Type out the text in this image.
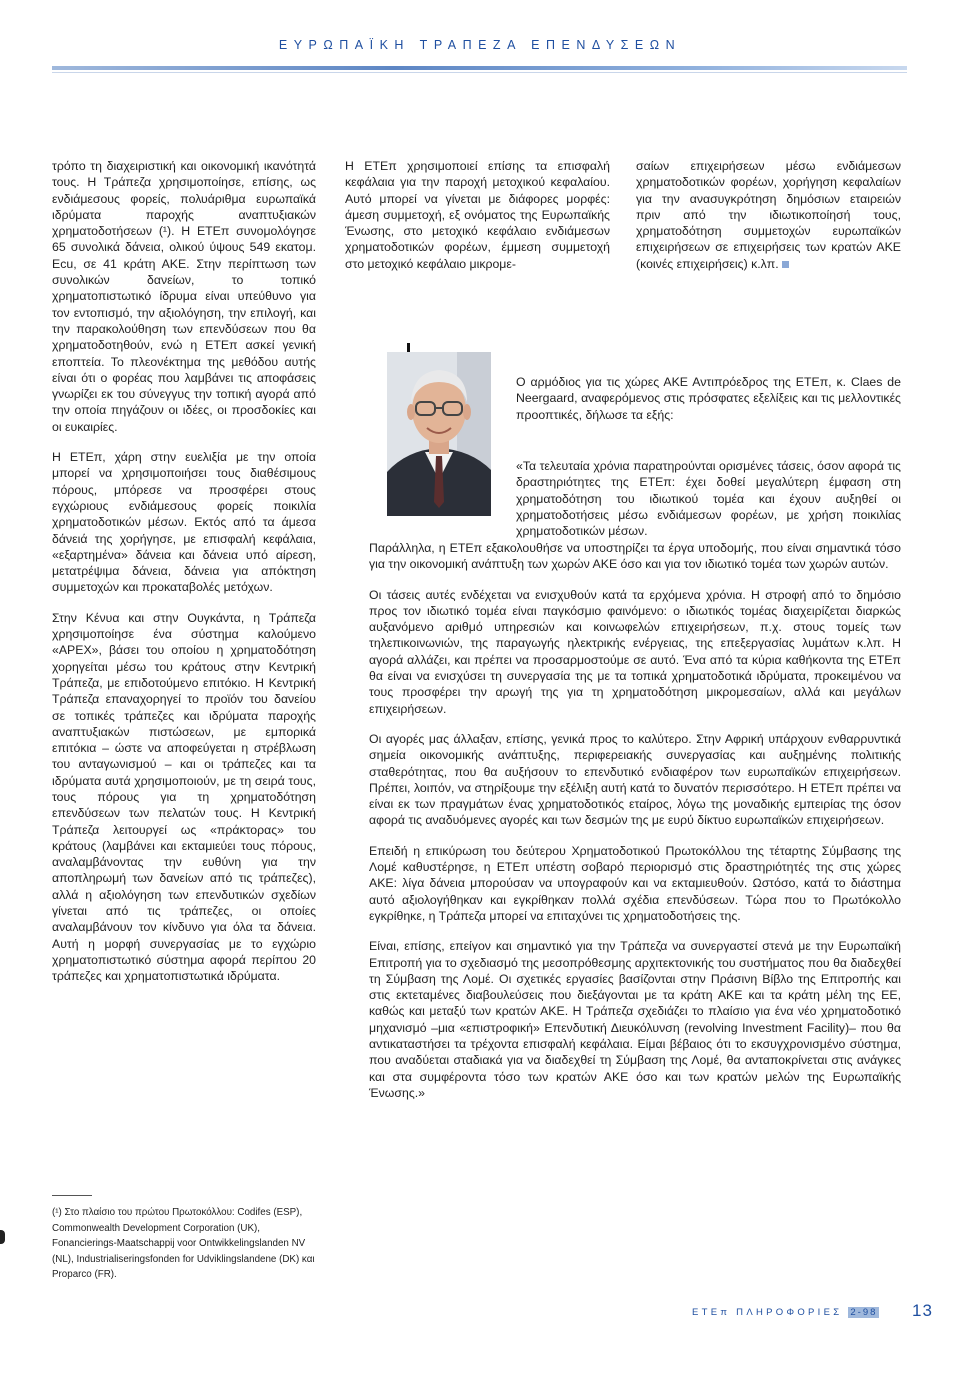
ΕΥΡΩΠΑΪΚΗ ΤΡΑΠΕΖΑ ΕΠΕΝΔΥΣΕΩΝ

τρόπο τη διαχειριστική και οικονομική ικανότητά τους. Η Τράπεζα χρησιμοποίησε, επίσης, ως ενδιάμεσους φορείς, πολυάριθμα ευρωπαϊκά ιδρύματα παροχής αναπτυξιακών χρηματοδοτήσεων (¹). Η ΕΤΕπ συνομολόγησε 65 συνολικά δάνεια, ολικού ύψους 549 εκατομ. Ecu, σε 41 κράτη ΑΚΕ. Στην περίπτωση των συνολικών δανείων, το τοπικό χρηματοπιστωτικό ίδρυμα είναι υπεύθυνο για τον εντοπισμό, την αξιολόγηση, την επιλογή, και την παρακολούθηση των επενδύσεων που θα χρηματοδοτηθούν, ενώ η ΕΤΕπ ασκεί γενική εποπτεία. Το πλεονέκτημα της μεθόδου αυτής είναι ότι ο φορέας που λαμβάνει τις αποφάσεις γνωρίζει εκ του σύνεγγυς την τοπική αγορά από την οποία πηγάζουν οι ιδέες, οι προσδοκίες και οι ευκαιρίες.

Η ΕΤΕπ, χάρη στην ευελιξία με την οποία μπορεί να χρησιμοποιήσει τους διαθέσιμους πόρους, μπόρεσε να προσφέρει στους εγχώριους ενδιάμεσους φορείς ποικιλία χρηματοδοτικών μέσων. Εκτός από τα άμεσα δάνειά της χορήγησε, με επισφαλή κεφάλαια, «εξαρτημένα» δάνεια και δάνεια υπό αίρεση, μετατρέψιμα δάνεια, δάνεια για απόκτηση συμμετοχών και προκαταβολές μετόχων.

Στην Κένυα και στην Ουγκάντα, η Τράπεζα χρησιμοποίησε ένα σύστημα καλούμενο «APEX», βάσει του οποίου η χρηματοδότηση χορηγείται μέσω του κράτους στην Κεντρική Τράπεζα, με επιδοτούμενο επιτόκιο. Η Κεντρική Τράπεζα επαναχορηγεί το προϊόν του δανείου σε τοπικές τράπεζες και ιδρύματα παροχής αναπτυξιακών πιστώσεων, με εμπορικά επιτόκια – ώστε να αποφεύγεται η στρέβλωση του ανταγωνισμού – και οι τράπεζες και τα ιδρύματα αυτά χρησιμοποιούν, με τη σειρά τους, τους πόρους για τη χρηματοδότηση επενδύσεων των πελατών τους. Η Κεντρική Τράπεζα λειτουργεί ως «πράκτορας» του κράτους (λαμβάνει και εκταμιεύει τους πόρους, αναλαμβάνοντας την ευθύνη για την αποπληρωμή των δανείων από τις τράπεζες), αλλά η αξιολόγηση των επενδυτικών σχεδίων γίνεται από τις τράπεζες, οι οποίες αναλαμβάνουν τον κίνδυνο για όλα τα δάνεια. Αυτή η μορφή συνεργασίας με το εγχώριο χρηματοπιστωτικό σύστημα αφορά περίπου 20 τράπεζες και χρηματοπιστωτικά ιδρύματα.

Η ΕΤΕπ χρησιμοποιεί επίσης τα επισφαλή κεφάλαια για την παροχή μετοχικού κεφαλαίου. Αυτό μπορεί να γίνεται με διάφορες μορφές: άμεση συμμετοχή, εξ ονόματος της Ευρωπαϊκής Ένωσης, στο μετοχικό κεφάλαιο ενδιάμεσων χρηματοδοτικών φορέων, έμμεση συμμετοχή στο μετοχικό κεφάλαιο μικρομε-

σαίων επιχειρήσεων μέσω ενδιάμεσων χρηματοδοτικών φορέων, χορήγηση κεφαλαίων για την ανασυγκρότηση δημόσιων εταιρειών πριν από την ιδιωτικοποίησή τους, χρηματοδότηση συμμετοχών ευρωπαϊκών επιχειρήσεων σε επιχειρήσεις των κρατών ΑΚΕ (κοινές επιχειρήσεις) κ.λπ.

Ο αρμόδιος για τις χώρες ΑΚΕ Αντιπρόεδρος της ΕΤΕπ, κ. Claes de Neergaard, αναφερόμενος στις πρόσφατες εξελίξεις και τις μελλοντικές προοπτικές, δήλωσε τα εξής:

«Τα τελευταία χρόνια παρατηρούνται ορισμένες τάσεις, όσον αφορά τις δραστηριότητες της ΕΤΕπ: έχει δοθεί μεγαλύτερη έμφαση στη χρηματοδότηση του ιδιωτικού τομέα και έχουν αυξηθεί οι χρηματοδοτήσεις μέσω ενδιάμεσων φορέων, με χρήση ποικιλίας χρηματοδοτικών μέσων.

Παράλληλα, η ΕΤΕπ εξακολουθήσε να υποστηρίζει τα έργα υποδομής, που είναι σημαντικά τόσο για την οικονομική ανάπτυξη των χωρών ΑΚΕ όσο και για τον ιδιωτικό τομέα των χωρών αυτών.

Οι τάσεις αυτές ενδέχεται να ενισχυθούν κατά τα ερχόμενα χρόνια. Η στροφή από το δημόσιο προς τον ιδιωτικό τομέα είναι παγκόσμιο φαινόμενο: ο ιδιωτικός τομέας διαχειρίζεται διαρκώς αυξανόμενο αριθμό υπηρεσιών και κοινωφελών επιχειρήσεων, π.χ. στους τομείς των τηλεπικοινωνιών, της παραγωγής ηλεκτρικής ενέργειας, της επεξεργασίας λυμάτων κ.λπ. Η αγορά αλλάζει, και πρέπει να προσαρμοστούμε σε αυτό. Ένα από τα κύρια καθήκοντα της ΕΤΕπ θα είναι να ενισχύσει τη συνεργασία της με τα τοπικά χρηματοδοτικά ιδρύματα, προκειμένου να τους προσφέρει την αρωγή της για τη χρηματοδότηση μικρομεσαίων, αλλά και μεγάλων επιχειρήσεων.

Οι αγορές μας άλλαξαν, επίσης, γενικά προς το καλύτερο. Στην Αφρική υπάρχουν ενθαρρυντικά σημεία οικονομικής ανάπτυξης, περιφερειακής συνεργασίας και αυξημένης πολιτικής σταθερότητας, που θα αυξήσουν το επενδυτικό ενδιαφέρον των ευρωπαϊκών επιχειρήσεων. Πρέπει, λοιπόν, να στηρίξουμε την εξέλιξη αυτή κατά το δυνατόν περισσότερο. Η ΕΤΕπ πρέπει να είναι εκ των πραγμάτων ένας χρηματοδοτικός εταίρος, λόγω της μοναδικής εμπειρίας της όσον αφορά τις αναδυόμενες αγορές και των δεσμών της με ευρύ δίκτυο ευρωπαϊκών επιχειρήσεων.

Επειδή η επικύρωση του δεύτερου Χρηματοδοτικού Πρωτοκόλλου της τέταρτης Σύμβασης της Λομέ καθυστέρησε, η ΕΤΕπ υπέστη σοβαρό περιορισμό στις δραστηριότητές της στις χώρες ΑΚΕ: λίγα δάνεια μπορούσαν να υπογραφούν και να εκταμιευθούν. Ωστόσο, κατά το διάστημα αυτό αξιολογήθηκαν και εγκρίθηκαν πολλά σχέδια επενδύσεων. Τώρα που το Πρωτόκολλο εγκρίθηκε, η Τράπεζα μπορεί να επιταχύνει τις χρηματοδοτήσεις της.

Είναι, επίσης, επείγον και σημαντικό για την Τράπεζα να συνεργαστεί στενά με την Ευρωπαϊκή Επιτροπή για το σχεδιασμό της μεσοπρόθεσμης αρχιτεκτονικής του συστήματος που θα διαδεχθεί τη Σύμβαση της Λομέ. Οι σχετικές εργασίες βασίζονται στην Πράσινη Βίβλο της Επιτροπής και στις εκτεταμένες διαβουλεύσεις που διεξάγονται με τα κράτη ΑΚΕ και τα κράτη μέλη της ΕΕ, καθώς και μεταξύ των κρατών ΑΚΕ. Η Τράπεζα σχεδιάζει το πλαίσιο για ένα νέο χρηματοδοτικό μηχανισμό –μια «επιστροφική» Επενδυτική Διευκόλυνση (revolving Investment Facility)– που θα αντικαταστήσει τα τρέχοντα επισφαλή κεφάλαια. Είμαι βέβαιος ότι το εκσυγχρονισμένο σύστημα, που αναδύεται σταδιακά για να διαδεχθεί τη Σύμβαση της Λομέ, θα ανταποκρίνεται στις ανάγκες και στα συμφέροντα τόσο των κρατών ΑΚΕ όσο και των κρατών μελών της Ευρωπαϊκής Ένωσης.»

(¹) Στο πλαίσιο του πρώτου Πρωτοκόλλου: Codifes (ESP), Commonwealth Development Corporation (UK), Fonancierings-Maatschappij voor Ontwikkelingslanden NV (NL), Industrialiseringsfonden for Udviklingslandene (DK) και Proparco (FR).
ΕΤΕπ ΠΛΗΡΟΦΟΡΙΕΣ 2-98 13
